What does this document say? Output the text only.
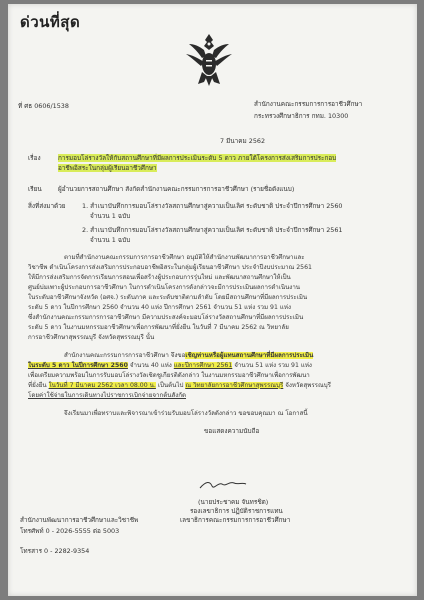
ด่วนที่สุด
ที่ ศธ 0606/1538	สำนักงานคณะกรรมการการอาชีวศึกษา
กระทรวงศึกษาธิการ กทม. 10300
7 มีนาคม 2562
เรื่อง	การมอบโล่รางวัลให้กับสถานศึกษาที่มีผลการประเมินระดับ 5 ดาว ภายใต้โครงการส่งเสริมการประกอบ
อาชีพอิสระในกลุ่มผู้เรียนอาชีวศึกษา
เรียน	ผู้อำนวยการสถานศึกษา สังกัดสำนักงานคณะกรรมการการอาชีวศึกษา (รายชื่อดังแนบ)
สิ่งที่ส่งมาด้วย	1. สำเนาบันทึกการมอบโล่รางวัลสถานศึกษาสู่ความเป็นเลิศ ระดับชาติ ประจำปีการศึกษา 2560
จำนวน 1 ฉบับ
2. สำเนาบันทึกการมอบโล่รางวัลสถานศึกษาสู่ความเป็นเลิศ ระดับชาติ ประจำปีการศึกษา 2561
จำนวน 1 ฉบับ
ตามที่สำนักงานคณะกรรมการการอาชีวศึกษา อนุมัติให้สำนักงานพัฒนาการอาชีวศึกษาและ
วิชาชีพ ดำเนินโครงการส่งเสริมการประกอบอาชีพอิสระในกลุ่มผู้เรียนอาชีวศึกษา ประจำปีงบประมาณ 2561
ให้มีการส่งเสริมการจัดการเรียนการสอนเพื่อสร้างผู้ประกอบการรุ่นใหม่ และพัฒนาสถานศึกษาให้เป็น
ศูนย์บ่มเพาะผู้ประกอบการอาชีวศึกษา ในการดำเนินโครงการดังกล่าวจะมีการประเมินผลการดำเนินงาน
ในระดับอาชีวศึกษาจังหวัด (อศจ.) ระดับภาค และระดับชาติตามลำดับ โดยมีสถานศึกษาที่มีผลการประเมิน
ระดับ 5 ดาว ในปีการศึกษา 2560 จำนวน 40 แห่ง ปีการศึกษา 2561 จำนวน 51 แห่ง รวม 91 แห่ง
ซึ่งสำนักงานคณะกรรมการการอาชีวศึกษา มีความประสงค์จะมอบโล่รางวัลสถานศึกษาที่มีผลการประเมิน
ระดับ 5 ดาว ในงานมหกรรมอาชีวศึกษาเพื่อการพัฒนาที่ยั่งยืน ในวันที่ 7 มีนาคม 2562 ณ วิทยาลัย
การอาชีวศึกษาสุพรรณบุรี จังหวัดสุพรรณบุรี นั้น
สำนักงานคณะกรรมการการอาชีวศึกษา จึงขอเชิญท่านหรือผู้แทนสถานศึกษาที่มีผลการประเมิน
ในระดับ 5 ดาว ในปีการศึกษา 2560 จำนวน 40 แห่ง และปีการศึกษา 2561 จำนวน 51 แห่ง รวม 91 แห่ง
เพื่อเตรียมความพร้อมในการรับมอบโล่รางวัลเชิดชูเกียรติดังกล่าว ในงานมหกรรมอาชีวศึกษาเพื่อการพัฒนา
ที่ยั่งยืน ในวันที่ 7 มีนาคม 2562 เวลา 08.00 น. เป็นต้นไป ณ วิทยาลัยการอาชีวศึกษาสุพรรณบุรี จังหวัดสุพรรณบุรี
โดยค่าใช้จ่ายในการเดินทางไปราชการเบิกจ่ายจากต้นสังกัด
จึงเรียนมาเพื่อทราบและพิจารณาเข้าร่วมรับมอบโล่รางวัลดังกล่าว ขอขอบคุณมา ณ โอกาสนี้
ขอแสดงความนับถือ
(นายประชาคม จันทรชิต)
รองเลขาธิการ ปฏิบัติราชการแทน
เลขาธิการคณะกรรมการการอาชีวศึกษา
สำนักงานพัฒนาการอาชีวศึกษาและวิชาชีพ
โทรศัพท์ 0 - 2026-5555 ต่อ 5003
โทรสาร 0 - 2282-9354
